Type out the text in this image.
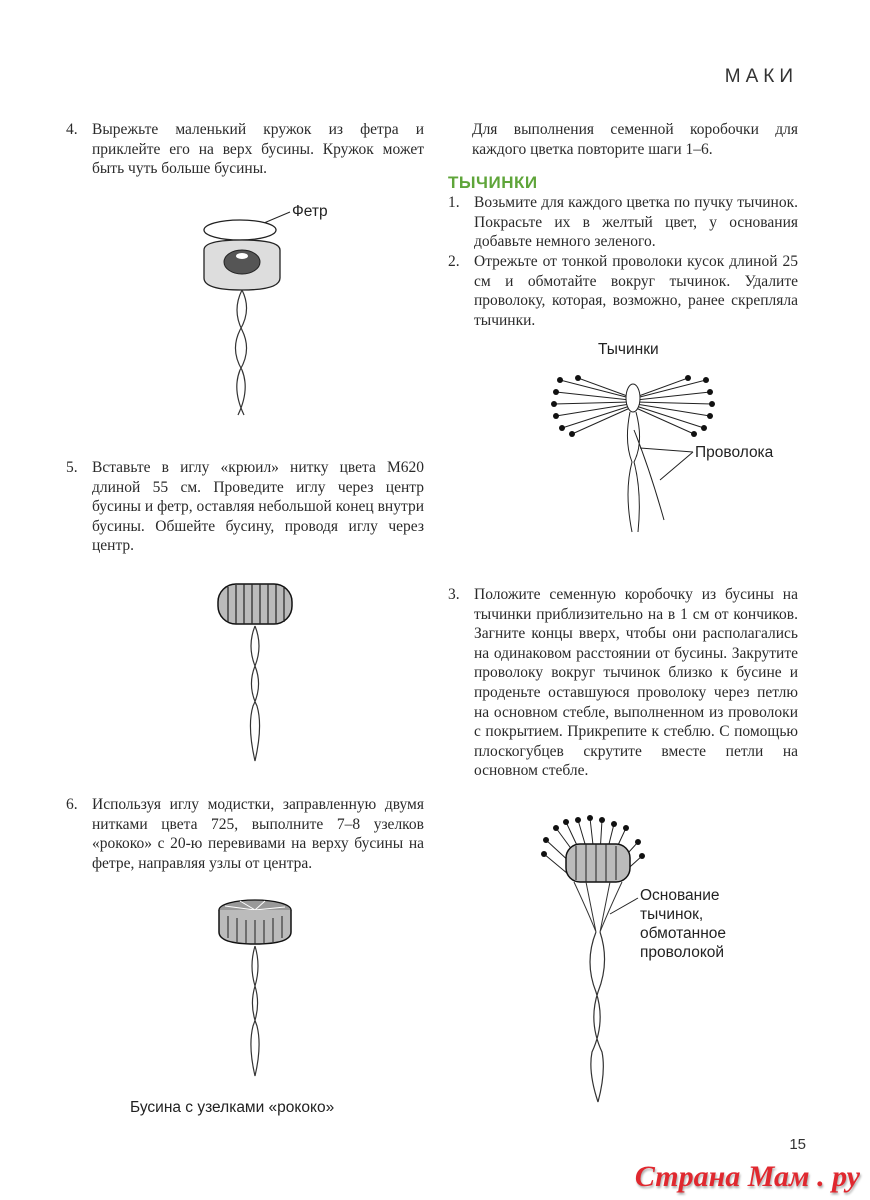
МАКИ
4. Вырежьте маленький кружок из фетра и приклейте его на верх бусины. Кружок может быть чуть больше бусины.
Фетр
5. Вставьте в иглу «крюил» нитку цвета М620 длиной 55 см. Проведите иглу через центр бусины и фетр, оставляя небольшой конец внутри бусины. Обшейте бусину, проводя иглу через центр.
6. Используя иглу модистки, заправленную двумя нитками цвета 725, выполните 7–8 узелков «рококо» с 20-ю перевивами на верху бусины на фетре, направляя узлы от центра.
Бусина с узелками «рококо»
Для выполнения семенной коробочки для каждого цветка повторите шаги 1–6.
ТЫЧИНКИ
1. Возьмите для каждого цветка по пучку тычинок. Покрасьте их в желтый цвет, у основания добавьте немного зеленого.
2. Отрежьте от тонкой проволоки кусок длиной 25 см и обмотайте вокруг тычинок. Удалите проволоку, которая, возможно, ранее скрепляла тычинки.
Тычинки
Проволока
3. Положите семенную коробочку из бусины на тычинки приблизительно на в 1 см от кончиков. Загните концы вверх, чтобы они располагались на одинаковом расстоянии от бусины. Закрутите проволоку вокруг тычинок близко к бусине и проденьте оставшуюся проволоку через петлю на основном стебле, выполненном из проволоки с покрытием. Прикрепите к стеблю. С помощью плоскогубцев скрутите вместе петли на основном стебле.
Основание тычинок, обмотанное проволокой
15
Страна Мам . ру
